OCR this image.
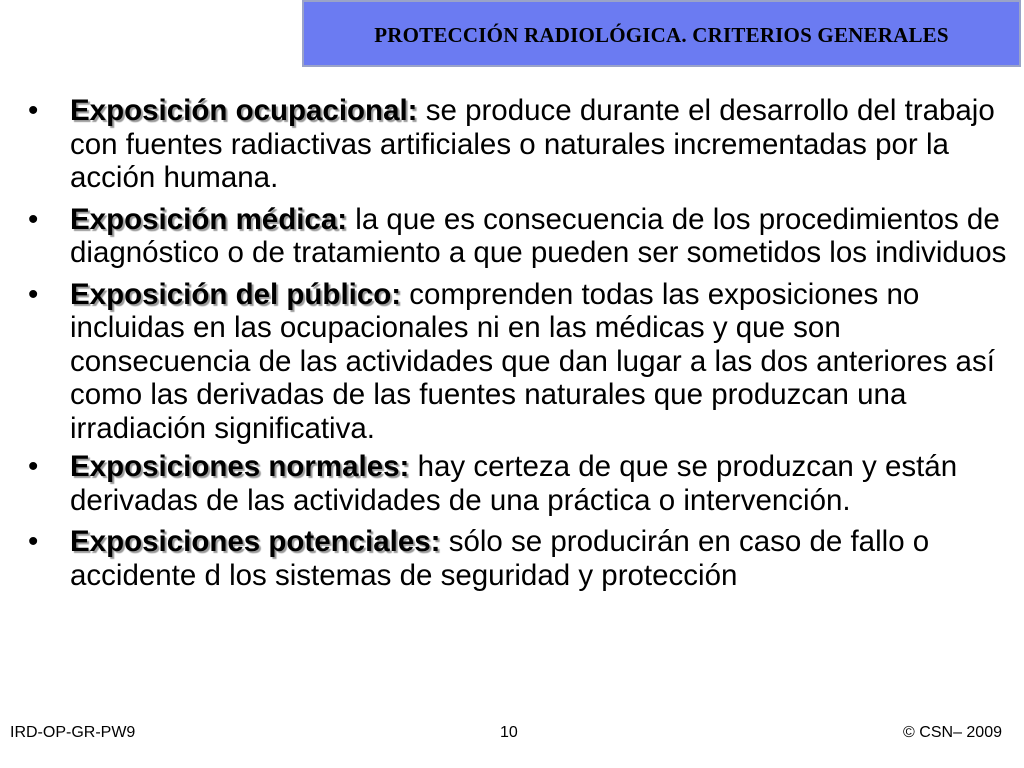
PROTECCIÓN RADIOLÓGICA. CRITERIOS GENERALES
• Exposición ocupacional: se produce durante el desarrollo del trabajo con fuentes radiactivas artificiales o naturales incrementadas por la acción humana.
• Exposición médica: la que es consecuencia de los procedimientos de diagnóstico o de tratamiento a que pueden ser sometidos los individuos
• Exposición del público: comprenden todas las exposiciones no incluidas en las ocupacionales ni en las médicas y que son consecuencia de las actividades que dan lugar a las dos anteriores así como las derivadas de las fuentes naturales que produzcan una irradiación significativa.
• Exposiciones normales: hay certeza de que se produzcan y están derivadas de las actividades de una práctica o intervención.
• Exposiciones potenciales: sólo se producirán en caso de fallo o accidente d los sistemas de seguridad y protección
IRD-OP-GR-PW9	10	© CSN– 2009
